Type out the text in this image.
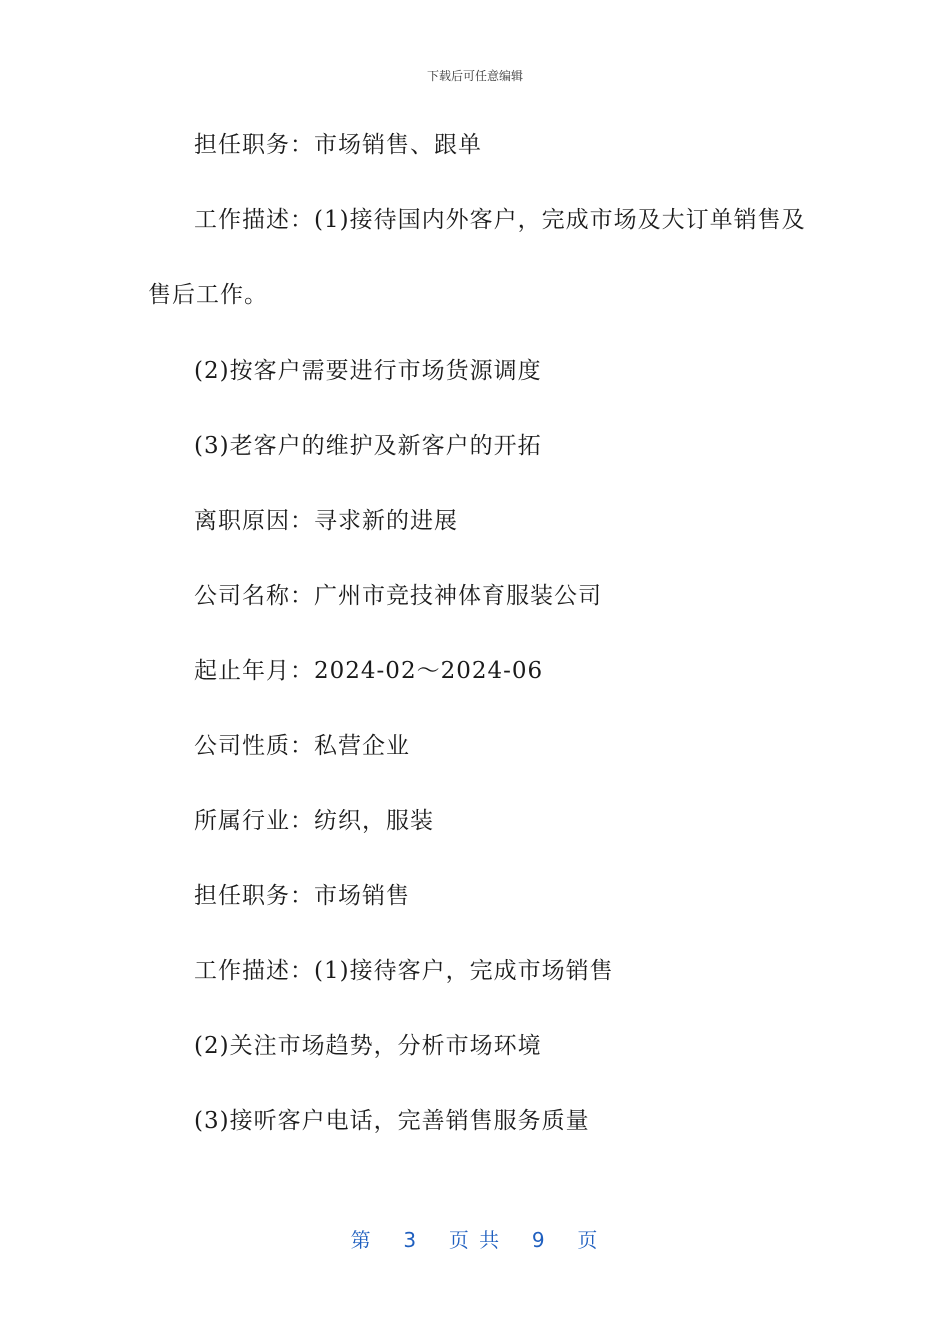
下载后可任意编辑

担任职务：市场销售、跟单

工作描述：(1)接待国内外客户，完成市场及大订单销售及售后工作。

(2)按客户需要进行市场货源调度

(3)老客户的维护及新客户的开拓

离职原因：寻求新的进展

公司名称：广州市竞技神体育服装公司

起止年月：2024-02～2024-06

公司性质：私营企业

所属行业：纺织，服装

担任职务：市场销售

工作描述：(1)接待客户，完成市场销售

(2)关注市场趋势，分析市场环境

(3)接听客户电话，完善销售服务质量

第 3 页 共 9 页
